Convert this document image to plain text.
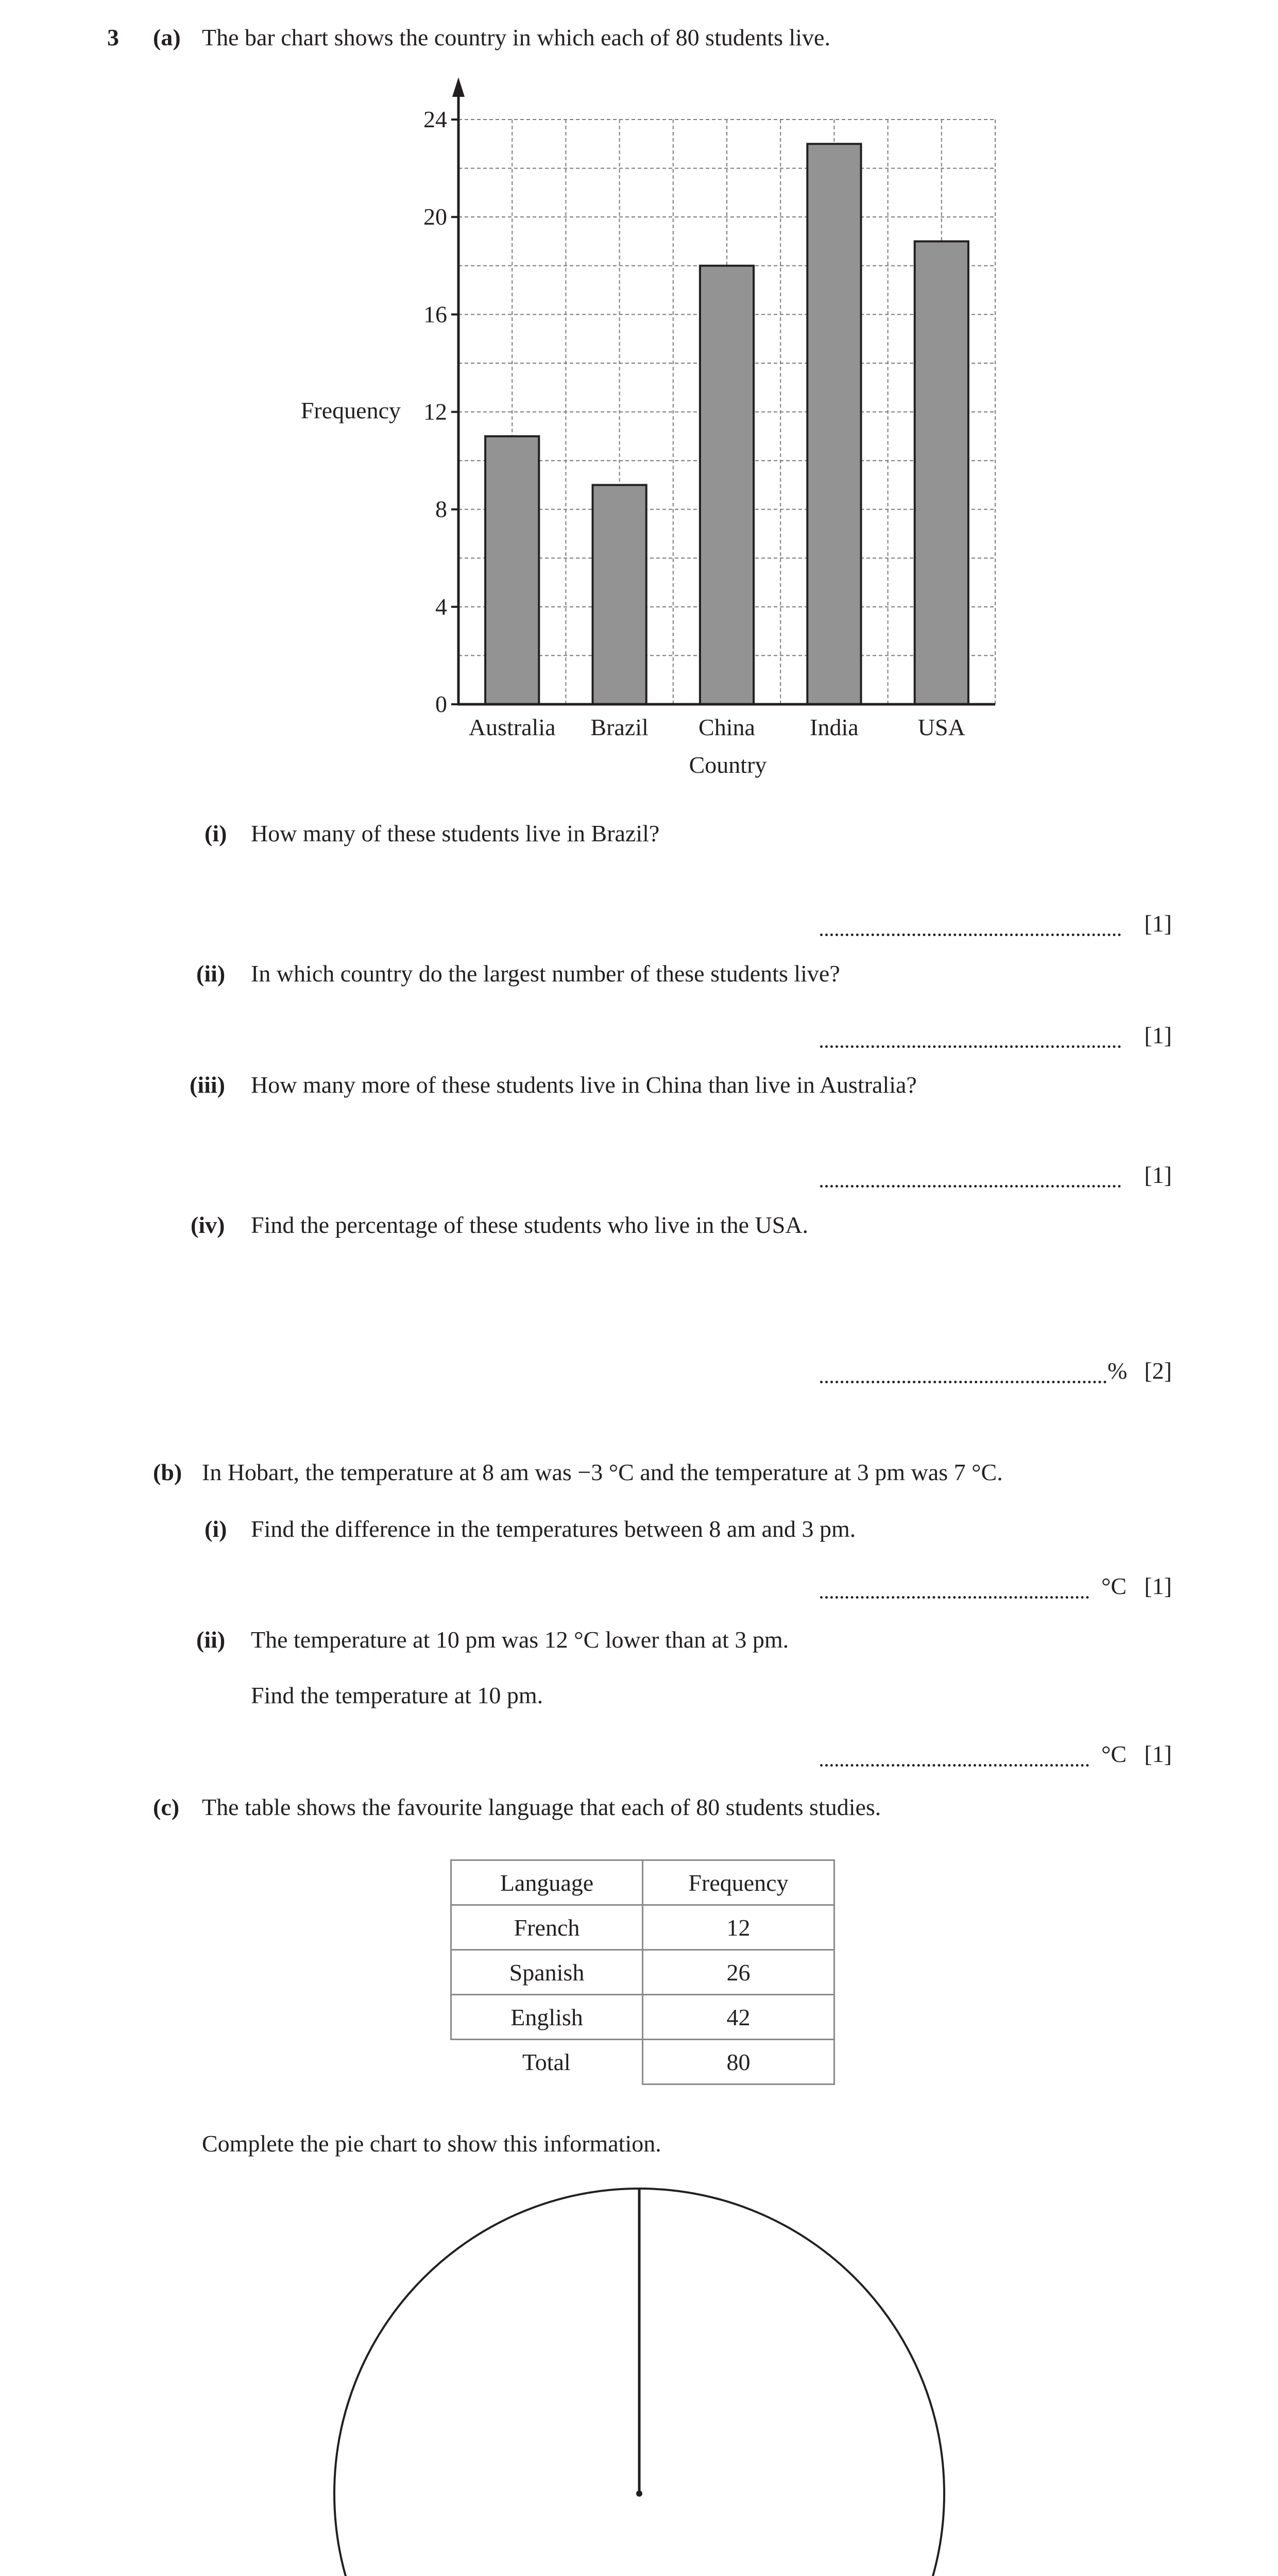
3 (a) The bar chart shows the country in which each of 80 students live.
Australia Brazil China India	USA
0
4
8
12
16
20
24
Frequency
Country
(i) How many of these students live in Brazil?
[1]
(ii) In which country do the largest number of these students live?
[1]
(iii) How many more of these students live in China than live in Australia?
[1]
(iv) Find the percentage of these students who live in the USA.
% [2]
(b) In Hobart, the temperature at 8 am was −3 °C and the temperature at 3 pm was 7 °C.
(i) Find the difference in the temperatures between 8 am and 3 pm.
°C [1]
(ii) The temperature at 10 pm was 12 °C lower than at 3 pm.
Find the temperature at 10 pm.
°C [1]
(c) The table shows the favourite language that each of 80 students studies.
Language	Frequency
French	12
Spanish	26
English	42
Total	80
Complete the pie chart to show this information.
